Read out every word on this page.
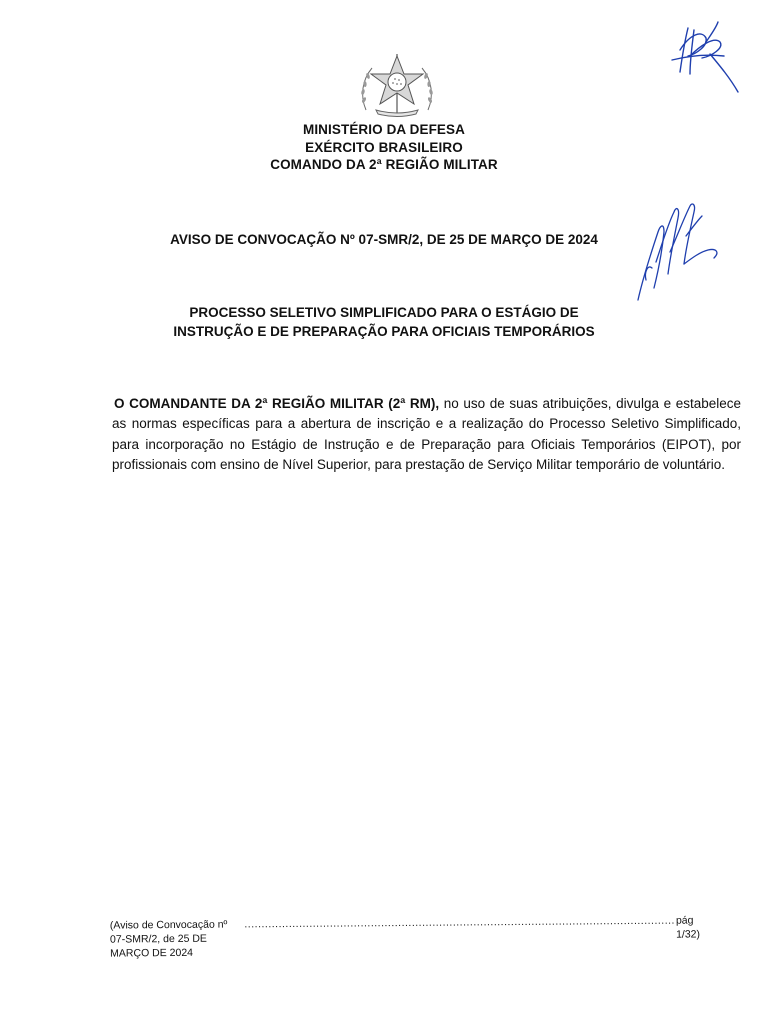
MINISTÉRIO DA DEFESA
EXÉRCITO BRASILEIRO
COMANDO DA 2ª REGIÃO MILITAR
AVISO DE CONVOCAÇÃO Nº 07-SMR/2, DE 25 DE MARÇO DE 2024
PROCESSO SELETIVO SIMPLIFICADO PARA O ESTÁGIO DE
INSTRUÇÃO E DE PREPARAÇÃO PARA OFICIAIS TEMPORÁRIOS
O COMANDANTE DA 2ª REGIÃO MILITAR (2ª RM), no uso de suas atribuições, divulga e estabelece as normas específicas para a abertura de inscrição e a realização do Processo Seletivo Simplificado, para incorporação no Estágio de Instrução e de Preparação para Oficiais Temporários (EIPOT), por profissionais com ensino de Nível Superior, para prestação de Serviço Militar temporário de voluntário.
(Aviso de Convocação nº 07-SMR/2, de 25 DE MARÇO DE 2024
.............................................................................................................................. pág 1/32)
